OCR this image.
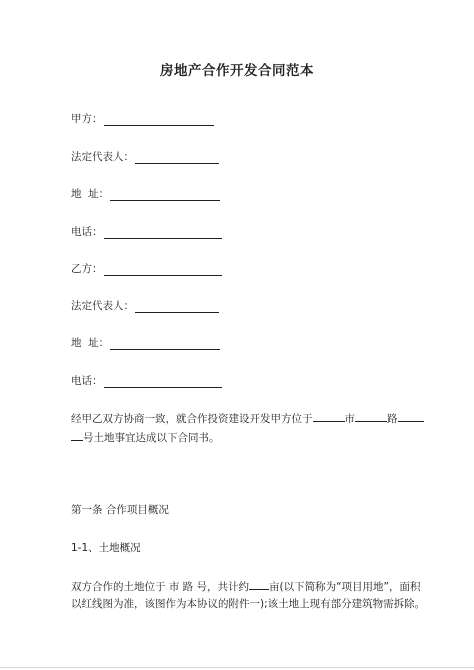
房地产合作开发合同范本
甲方：
法定代表人：
地  址：
电话：
乙方：
法定代表人：
地  址：
电话：
经甲乙双方协商一致，就合作投资建设开发甲方位于	市	路
号土地事宜达成以下合同书。
第一条 合作项目概况
1-1、土地概况
双方合作的土地位于 市 路 号，共计约 亩(以下简称为“项目用地”，面积
以红线图为准，该图作为本协议的附件一);该土地上现有部分建筑物需拆除。
